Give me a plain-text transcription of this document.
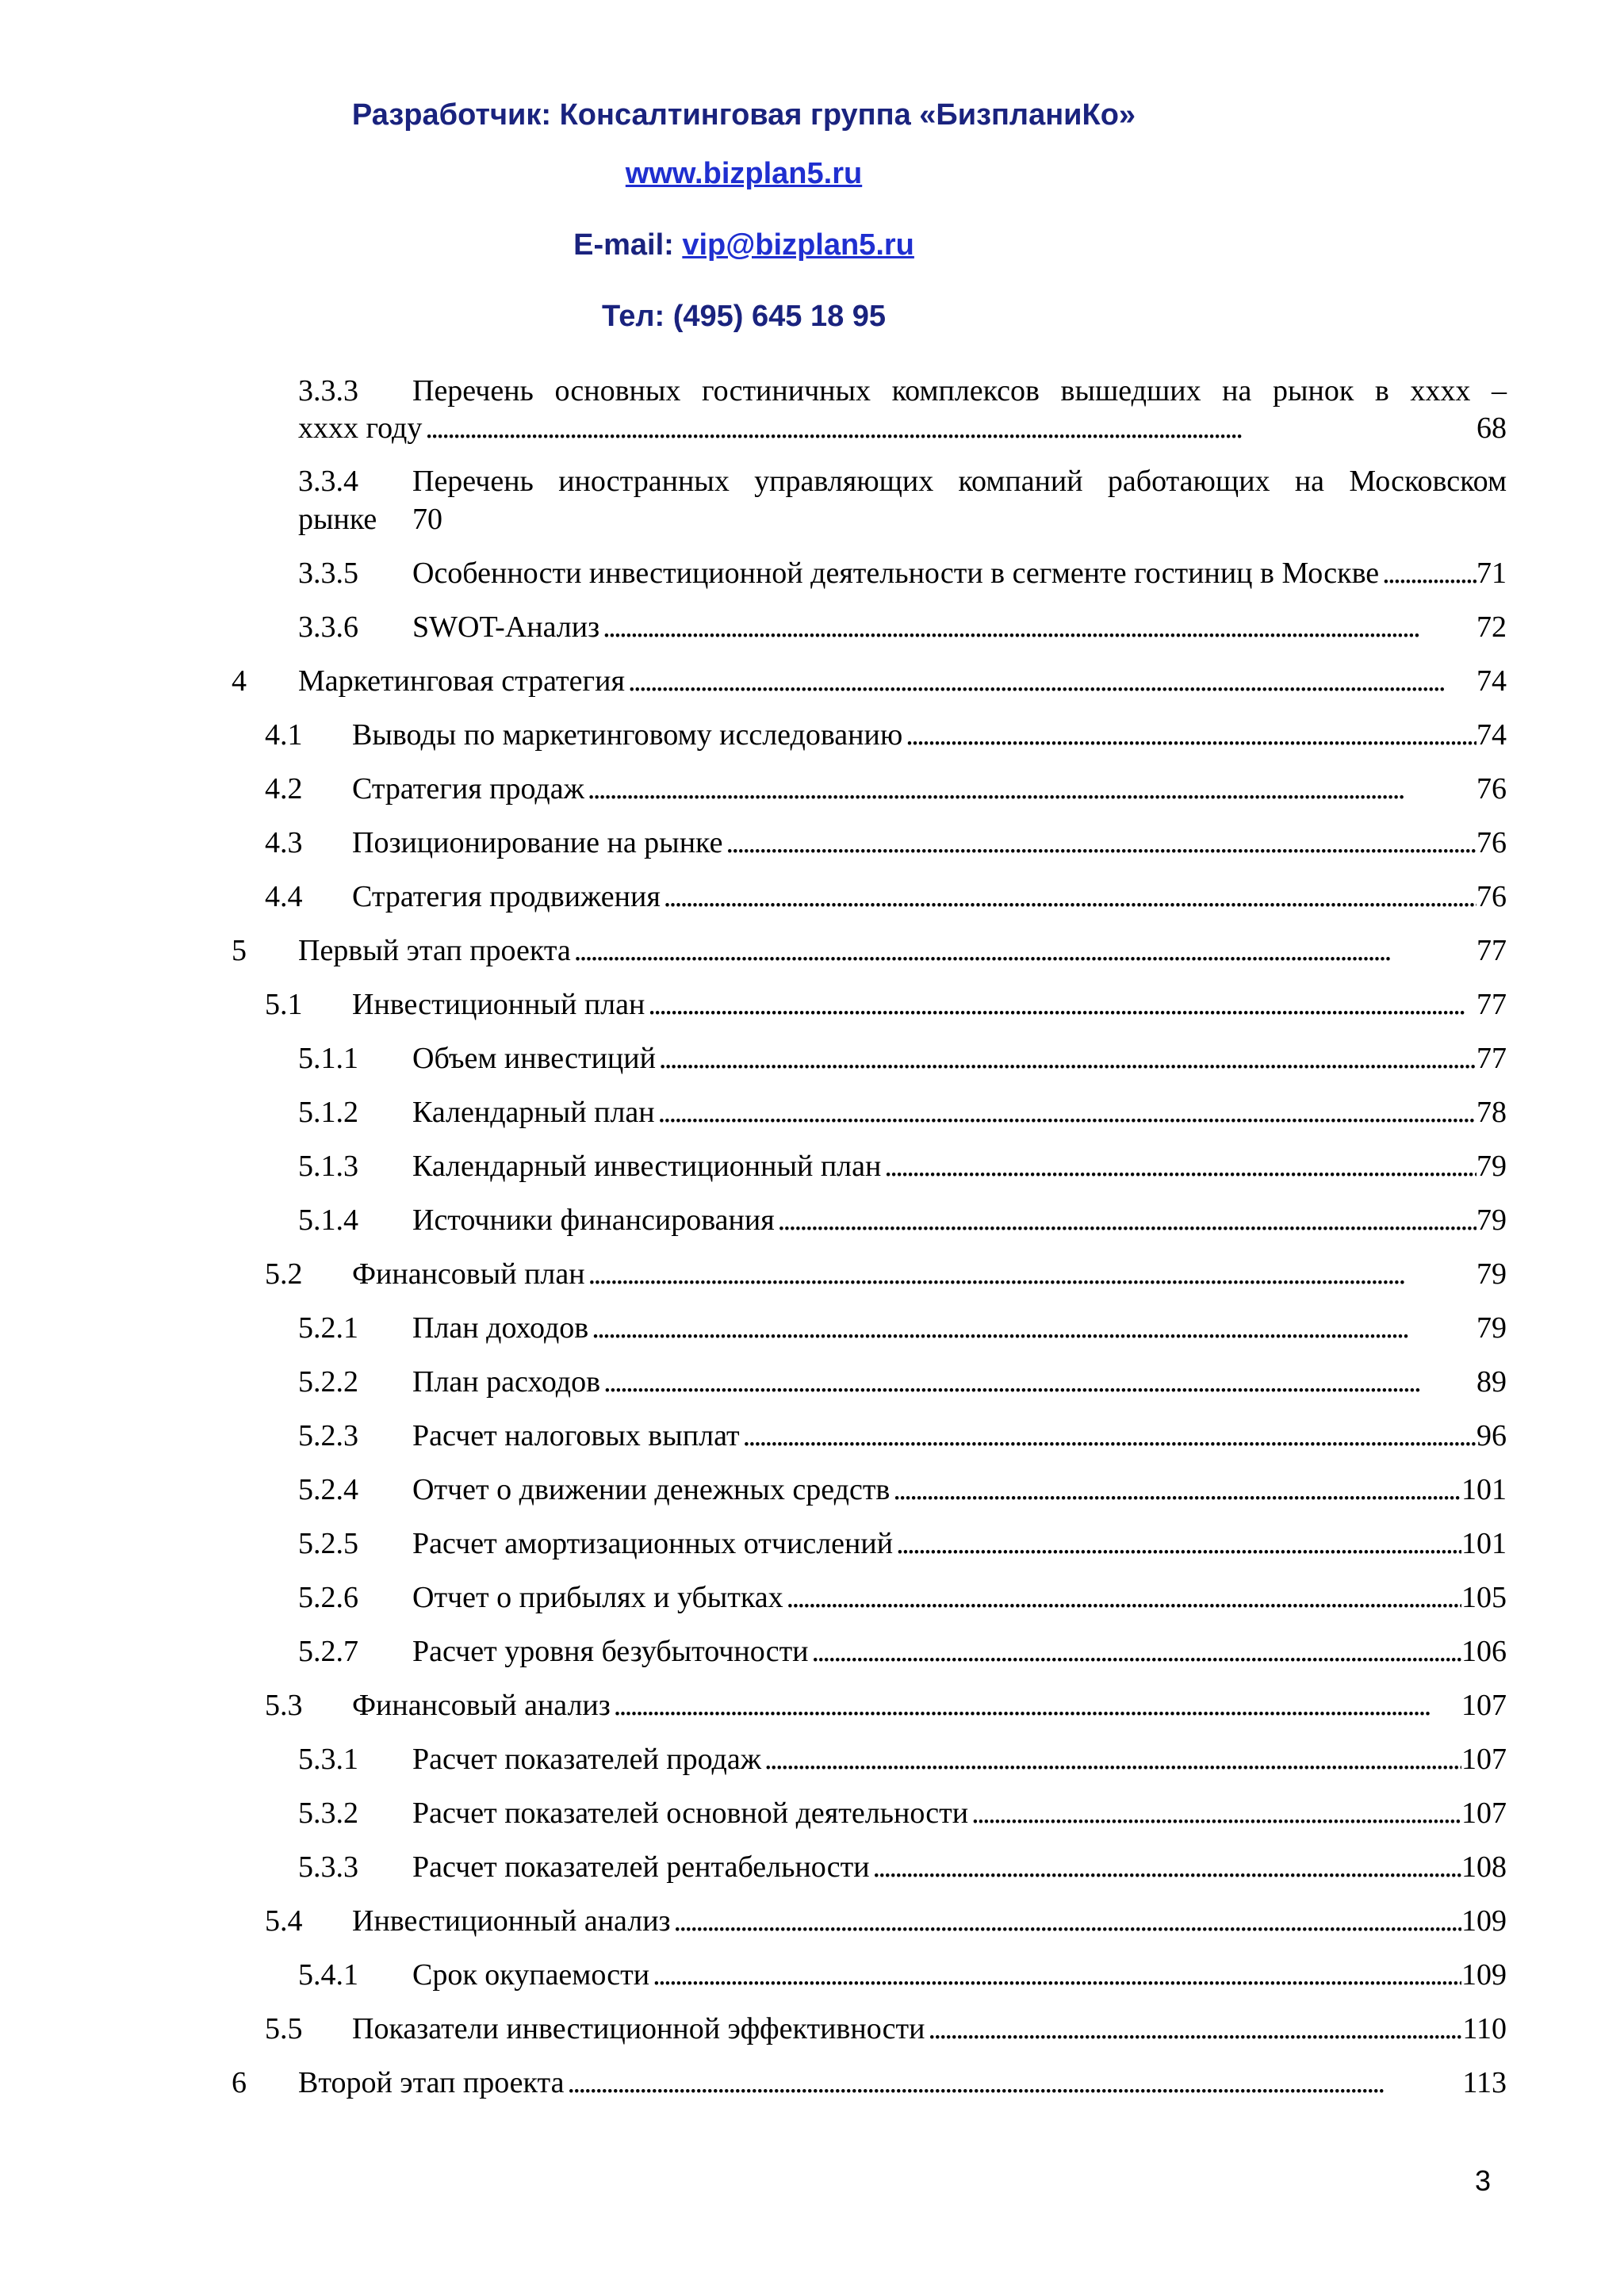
Разработчик: Консалтинговая группа «БизпланиКо»
www.bizplan5.ru
E-mail: vip@bizplan5.ru
Тел: (495) 645 18 95
3.3.3 Перечень основных гостиничных комплексов вышедших на рынок в хххх –
хххх году . . .	68
3.3.4 Перечень иностранных управляющих компаний работающих на Московском
рынке 70
3.3.5	Особенности инвестиционной деятельности в сегменте гостиниц в Москве . . .	71
3.3.6	SWOT-Анализ . . .	72
4	Маркетинговая стратегия . . .	74
4.1	Выводы по маркетинговому исследованию . . .	74
4.2	Стратегия продаж . . .	76
4.3	Позиционирование на рынке . . .	76
4.4	Стратегия продвижения . . .	76
5	Первый этап проекта . . .	77
5.1	Инвестиционный план . . .	77
5.1.1	Объем инвестиций . . .	77
5.1.2	Календарный план . . .	78
5.1.3	Календарный инвестиционный план . . .	79
5.1.4	Источники финансирования . . .	79
5.2	Финансовый план . . .	79
5.2.1	План доходов . . .	79
5.2.2	План расходов . . .	89
5.2.3	Расчет налоговых выплат . . .	96
5.2.4	Отчет о движении денежных средств . . .	101
5.2.5	Расчет амортизационных отчислений . . .	101
5.2.6	Отчет о прибылях и убытках . . .	105
5.2.7	Расчет уровня безубыточности . . .	106
5.3	Финансовый анализ . . .	107
5.3.1	Расчет показателей продаж . . .	107
5.3.2	Расчет показателей основной деятельности . . .	107
5.3.3	Расчет показателей рентабельности . . .	108
5.4	Инвестиционный анализ . . .	109
5.4.1	Срок окупаемости . . .	109
5.5	Показатели инвестиционной эффективности . . .	110
6	Второй этап проекта . . .	113
3
